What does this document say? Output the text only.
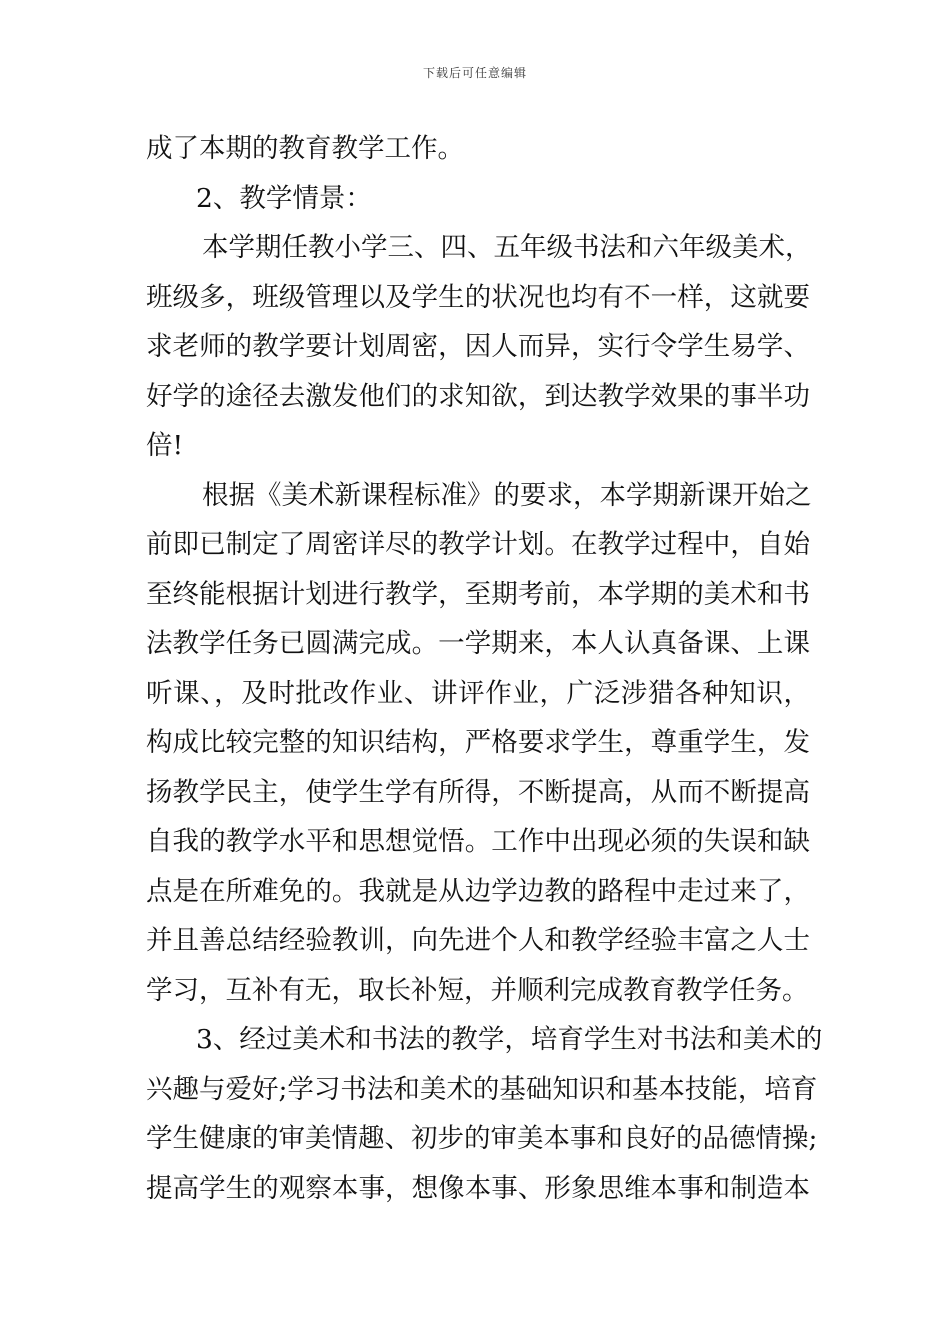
下载后可任意编辑
成了本期的教育教学工作。
2、教学情景：
本学期任教小学三、四、五年级书法和六年级美术，
班级多，班级管理以及学生的状况也均有不一样，这就要
求老师的教学要计划周密，因人而异，实行令学生易学、
好学的途径去激发他们的求知欲，到达教学效果的事半功
倍!
根据《美术新课程标准》的要求，本学期新课开始之
前即已制定了周密详尽的教学计划。在教学过程中，自始
至终能根据计划进行教学，至期考前，本学期的美术和书
法教学任务已圆满完成。一学期来，本人认真备课、上课
听课、，及时批改作业、讲评作业，广泛涉猎各种知识，
构成比较完整的知识结构，严格要求学生，尊重学生，发
扬教学民主，使学生学有所得，不断提高，从而不断提高
自我的教学水平和思想觉悟。工作中出现必须的失误和缺
点是在所难免的。我就是从边学边教的路程中走过来了，
并且善总结经验教训，向先进个人和教学经验丰富之人士
学习，互补有无，取长补短，并顺利完成教育教学任务。
3、经过美术和书法的教学，培育学生对书法和美术的
兴趣与爱好;学习书法和美术的基础知识和基本技能，培育
学生健康的审美情趣、初步的审美本事和良好的品德情操;
提高学生的观察本事，想像本事、形象思维本事和制造本
